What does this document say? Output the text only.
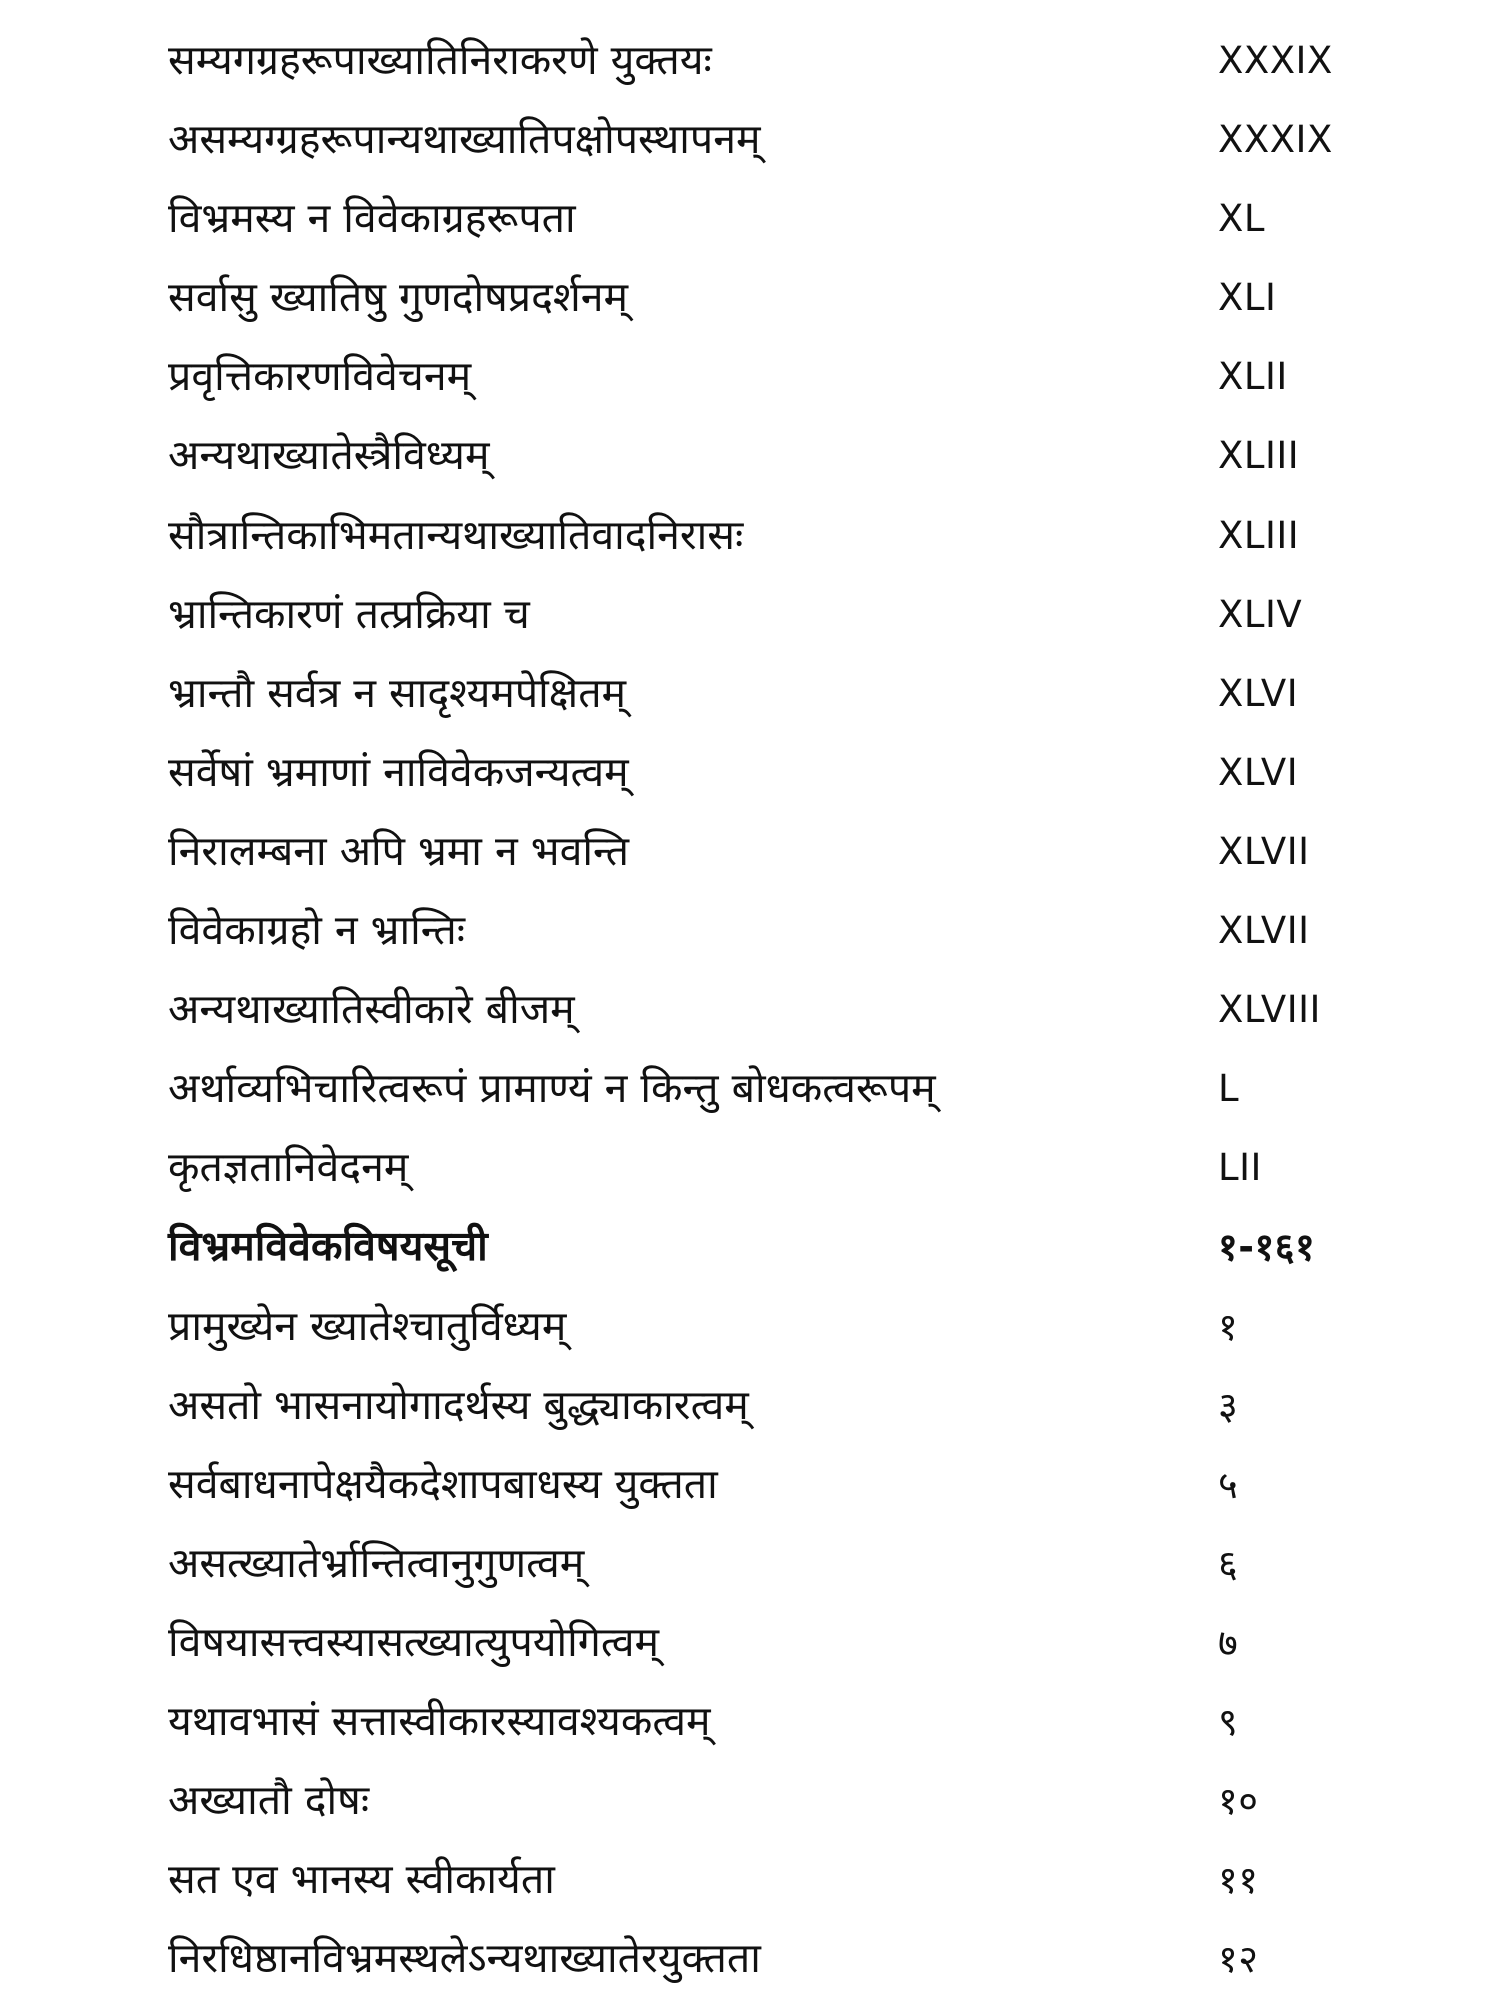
सम्यगग्रहरूपाख्यातिनिराकरणे युक्तयः	XXXIX
असम्यग्ग्रहरूपान्यथाख्यातिपक्षोपस्थापनम्	XXXIX
विभ्रमस्य न विवेकाग्रहरूपता	XL
सर्वासु ख्यातिषु गुणदोषप्रदर्शनम्	XLI
प्रवृत्तिकारणविवेचनम्	XLII
अन्यथाख्यातेस्त्रैविध्यम्	XLIII
सौत्रान्तिकाभिमतान्यथाख्यातिवादनिरासः	XLIII
भ्रान्तिकारणं तत्प्रक्रिया च	XLIV
भ्रान्तौ सर्वत्र न सादृश्यमपेक्षितम्	XLVI
सर्वेषां भ्रमाणां नाविवेकजन्यत्वम्	XLVI
निरालम्बना अपि भ्रमा न भवन्ति	XLVII
विवेकाग्रहो न भ्रान्तिः	XLVII
अन्यथाख्यातिस्वीकारे बीजम्	XLVIII
अर्थाव्यभिचारित्वरूपं प्रामाण्यं न किन्तु बोधकत्वरूपम्	L
कृतज्ञतानिवेदनम्	LII
विभ्रमविवेकविषयसूची	१-१६१
प्रामुख्येन ख्यातेश्चातुर्विध्यम्	१
असतो भासनायोगादर्थस्य बुद्ध्याकारत्वम्	३
सर्वबाधनापेक्षयैकदेशापबाधस्य युक्तता	५
असत्ख्यातेर्भ्रान्तित्वानुगुणत्वम्	६
विषयासत्त्वस्यासत्ख्यात्युपयोगित्वम्	७
यथावभासं सत्तास्वीकारस्यावश्यकत्वम्	९
अख्यातौ दोषः	१०
सत एव भानस्य स्वीकार्यता	११
निरधिष्ठानविभ्रमस्थलेऽन्यथाख्यातेरयुक्तता	१२
